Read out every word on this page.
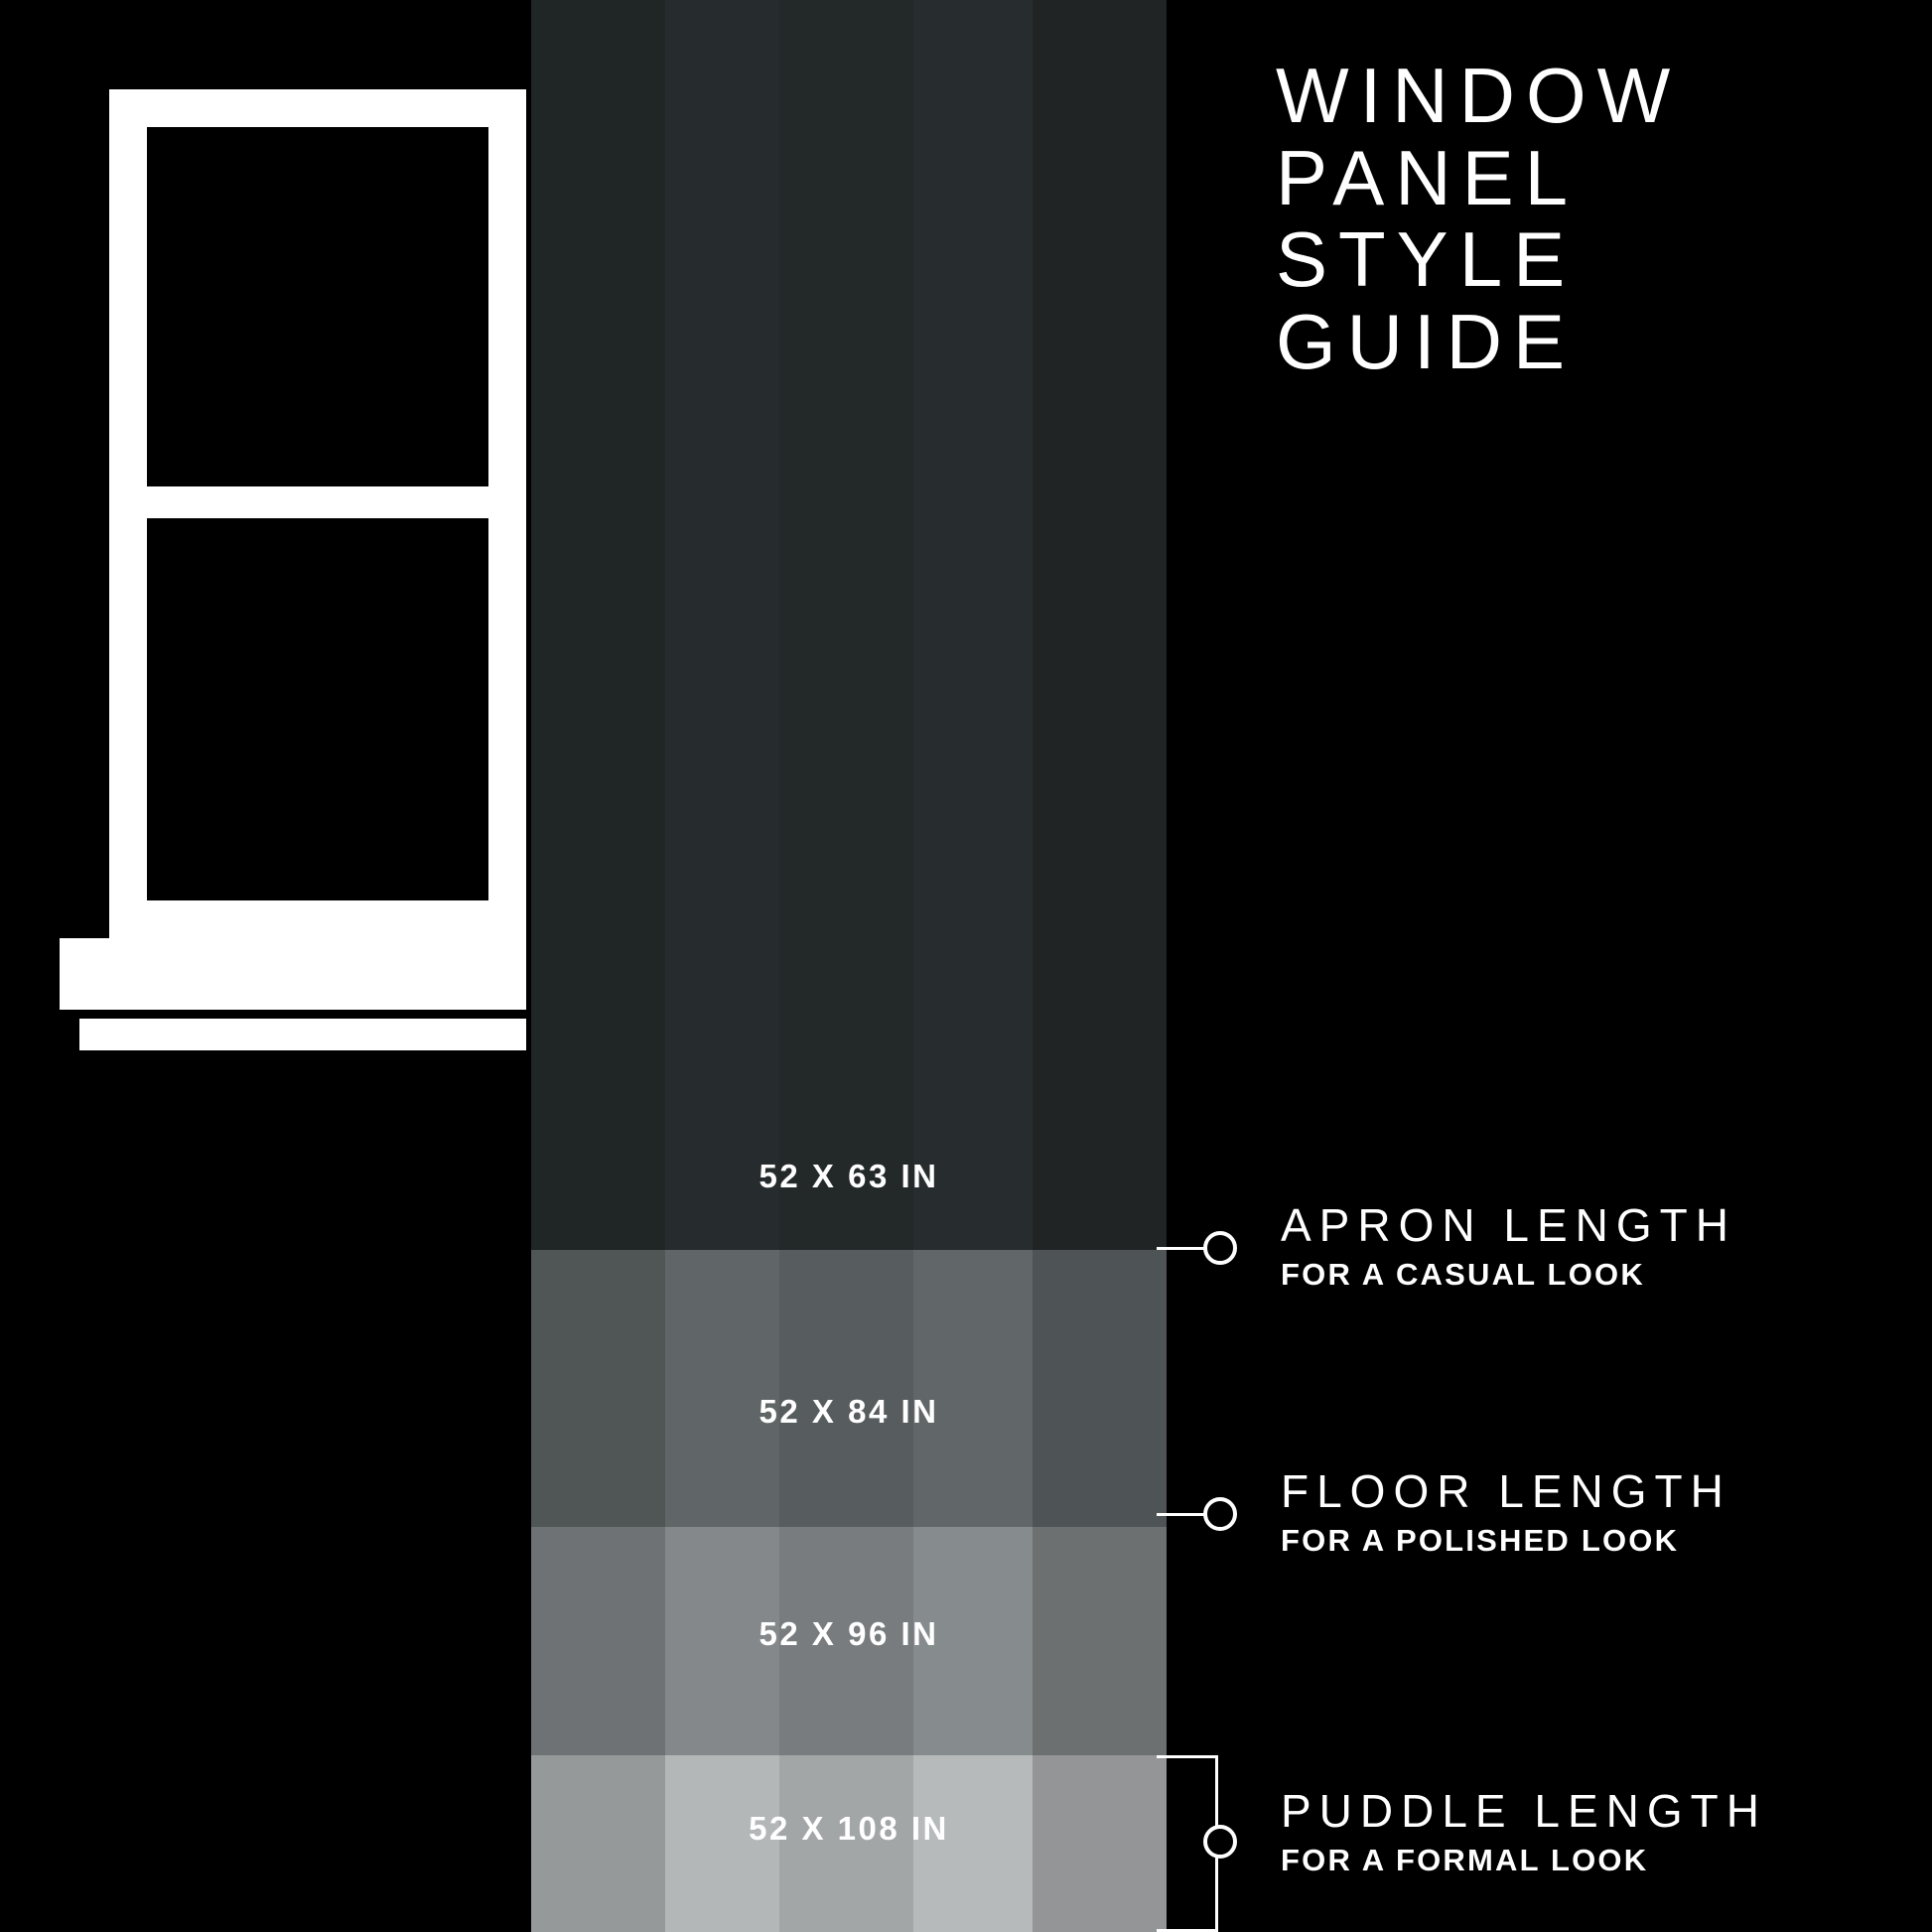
52 X 63 IN
52 X 84 IN
52 X 96 IN
52 X 108 IN
WINDOW
PANEL
STYLE
GUIDE
APRON LENGTH
FOR A CASUAL LOOK
FLOOR LENGTH
FOR A POLISHED LOOK
PUDDLE LENGTH
FOR A FORMAL LOOK
